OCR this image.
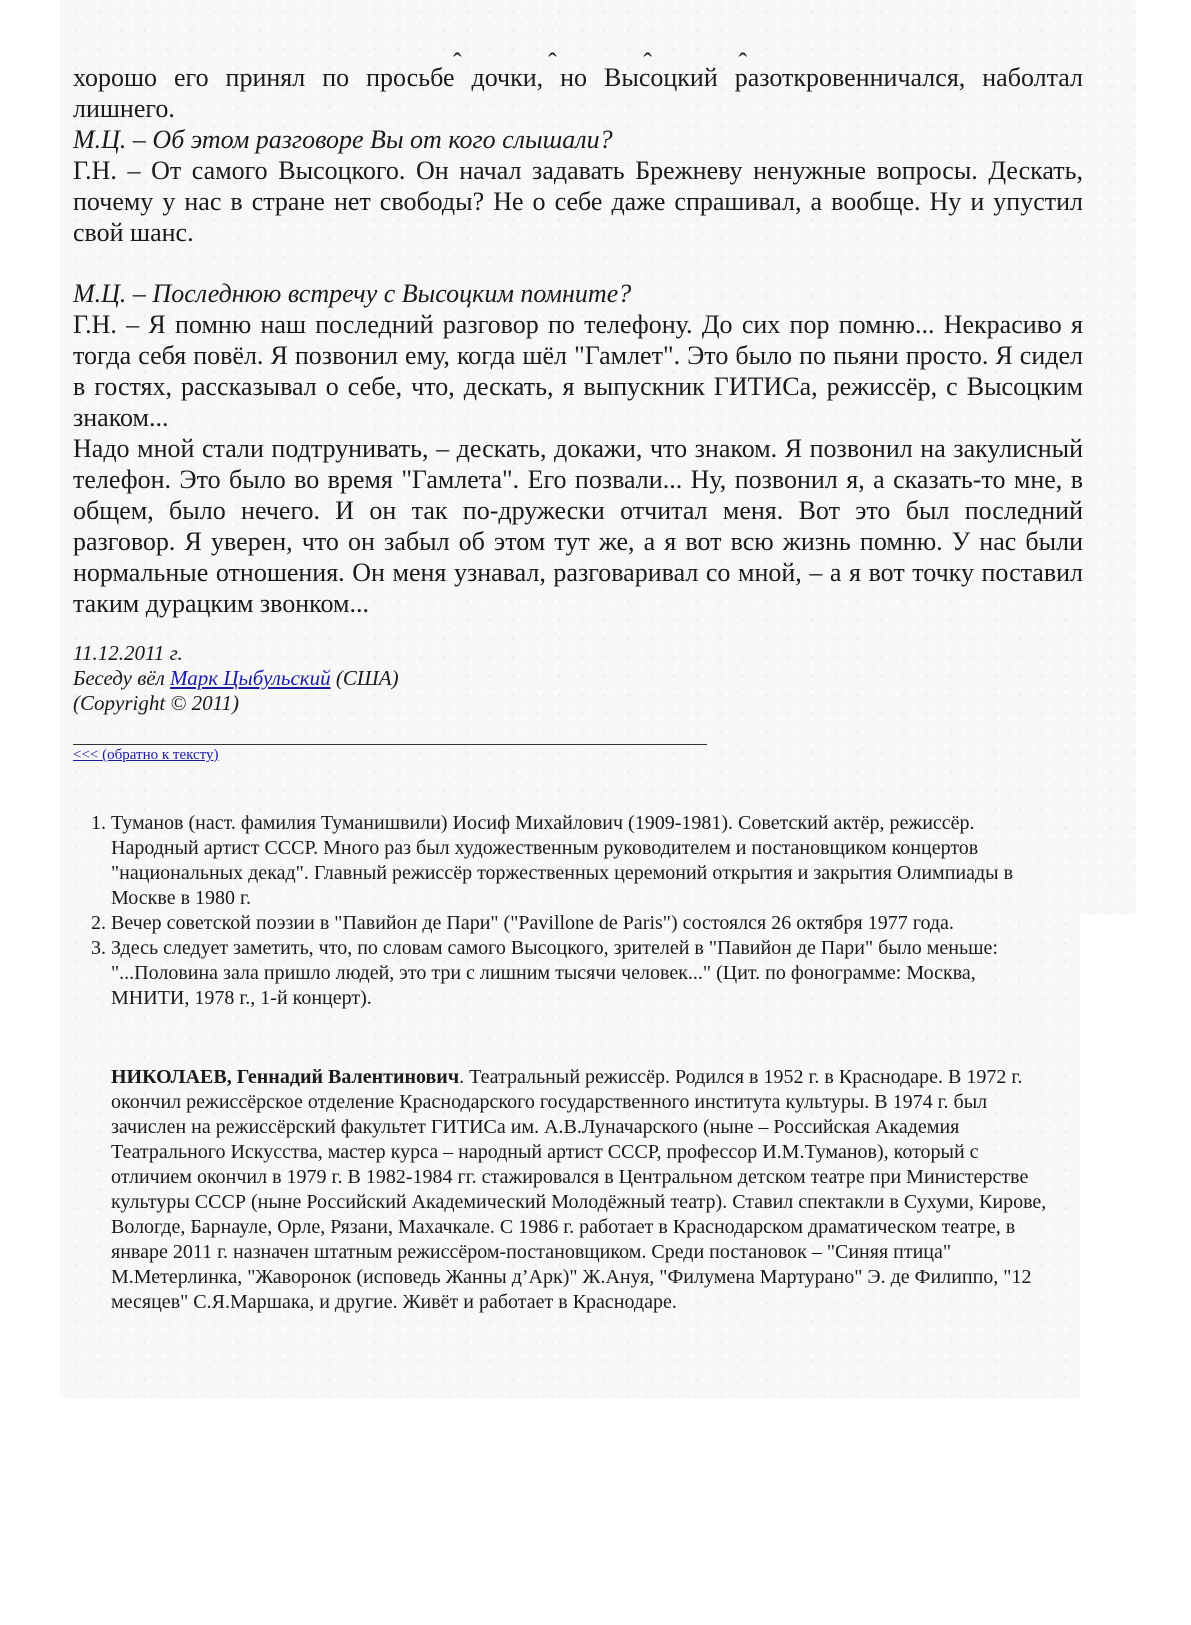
хорошо его принял по просьбе дочки, но Высоцкий разоткровенничался, наболтал лишнего.

М.Ц. – Об этом разговоре Вы от кого слышали?

Г.Н. – От самого Высоцкого. Он начал задавать Брежневу ненужные вопросы. Дескать, почему у нас в стране нет свободы? Не о себе даже спрашивал, а вообще. Ну и упустил свой шанс.

М.Ц. – Последнюю встречу с Высоцким помните?

Г.Н. – Я помню наш последний разговор по телефону. До сих пор помню... Некрасиво я тогда себя повёл. Я позвонил ему, когда шёл "Гамлет". Это было по пьяни просто. Я сидел в гостях, рассказывал о себе, что, дескать, я выпускник ГИТИСа, режиссёр, с Высоцким знаком...

Надо мной стали подтрунивать, – дескать, докажи, что знаком. Я позвонил на закулисный телефон. Это было во время "Гамлета". Его позвали... Ну, позвонил я, а сказать-то мне, в общем, было нечего. И он так по-дружески отчитал меня. Вот это был последний разговор. Я уверен, что он забыл об этом тут же, а я вот всю жизнь помню. У нас были нормальные отношения. Он меня узнавал, разговаривал со мной, – а я вот точку поставил таким дурацким звонком...

11.12.2011 г.
Беседу вёл Марк Цыбульский (США)
(Copyright © 2011)
<<< (обратно к тексту)
1. Туманов (наст. фамилия Туманишвили) Иосиф Михайлович (1909-1981). Советский актёр, режиссёр. Народный артист СССР. Много раз был художественным руководителем и постановщиком концертов "национальных декад". Главный режиссёр торжественных церемоний открытия и закрытия Олимпиады в Москве в 1980 г.
2. Вечер советской поэзии в "Павийон де Пари" ("Pavillone de Paris") состоялся 26 октября 1977 года.
3. Здесь следует заметить, что, по словам самого Высоцкого, зрителей в "Павийон де Пари" было меньше: "...Половина зала пришло людей, это три с лишним тысячи человек..." (Цит. по фонограмме: Москва, МНИТИ, 1978 г., 1-й концерт).
НИКОЛАЕВ, Геннадий Валентинович. Театральный режиссёр. Родился в 1952 г. в Краснодаре. В 1972 г. окончил режиссёрское отделение Краснодарского государственного института культуры. В 1974 г. был зачислен на режиссёрский факультет ГИТИСа им. А.В.Луначарского (ныне – Российская Академия Театрального Искусства, мастер курса – народный артист СССР, профессор И.М.Туманов), который с отличием окончил в 1979 г. В 1982-1984 гг. стажировался в Центральном детском театре при Министерстве культуры СССР (ныне Российский Академический Молодёжный театр). Ставил спектакли в Сухуми, Кирове, Вологде, Барнауле, Орле, Рязани, Махачкале. С 1986 г. работает в Краснодарском драматическом театре, в январе 2011 г. назначен штатным режиссёром-постановщиком. Среди постановок – "Синяя птица" М.Метерлинка, "Жаворонок (исповедь Жанны д’Арк)" Ж.Ануя, "Филумена Мартурано" Э. де Филиппо, "12 месяцев" С.Я.Маршака, и другие. Живёт и работает в Краснодаре.
